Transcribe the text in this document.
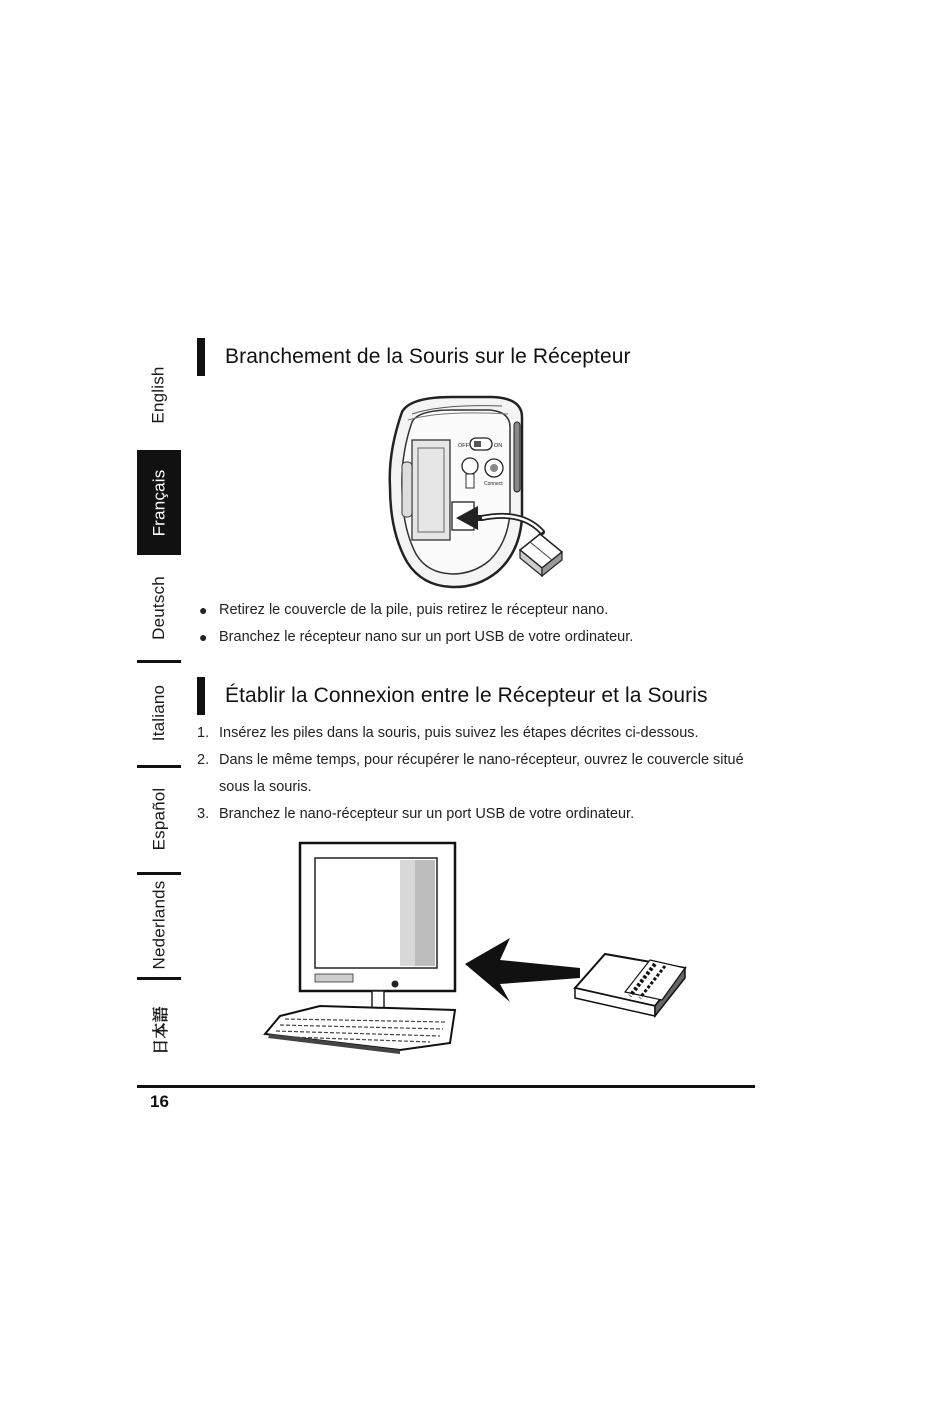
English
Français
Deutsch
Italiano
Español
Nederlands
日本語
Branchement de la Souris sur le Récepteur
OFF	ON
Connect
● Retirez le couvercle de la pile, puis retirez le récepteur nano.
● Branchez le récepteur nano sur un port USB de votre ordinateur.
Établir la Connexion entre le Récepteur et la Souris
1. Insérez les piles dans la souris, puis suivez les étapes décrites ci-dessous.
2. Dans le même temps, pour récupérer le nano-récepteur, ouvrez le couvercle situé sous la souris.
3. Branchez le nano-récepteur sur un port USB de votre ordinateur.
16
